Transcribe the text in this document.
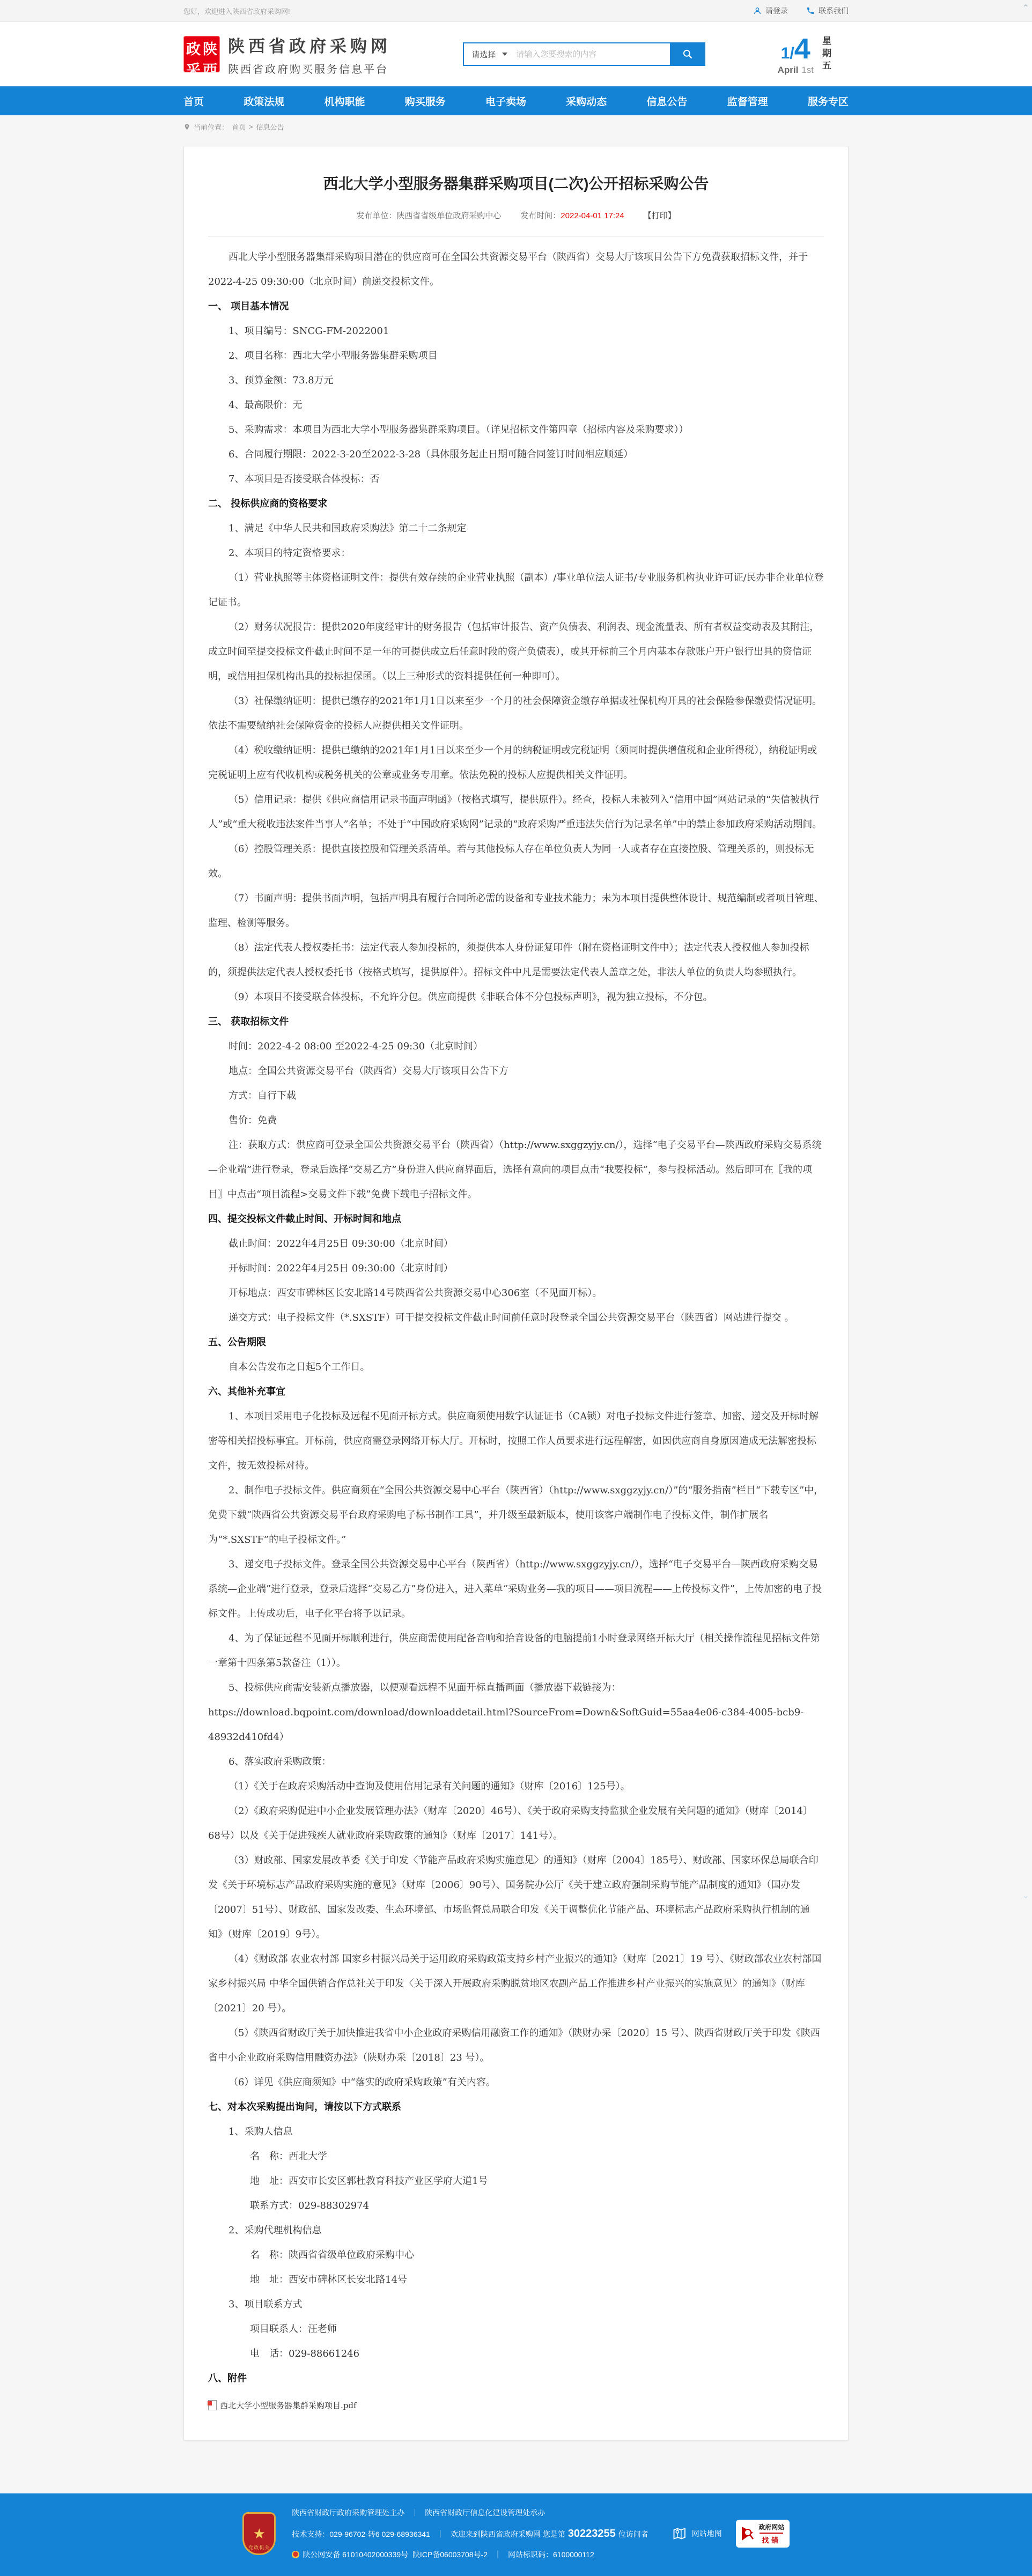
您好，欢迎进入陕西省政府采购网!	请登录	联系我们
政 陕
采 西
陕西省政府采购网
陕西省政府购买服务信息平台
请选择
请输入您要搜索的内容	1/4
April 1st 星期五
首页	政策法规	机构职能	购买服务	电子卖场	采购动态	信息公告	监督管理	服务专区
当前位置： 首页 > 信息公告
西北大学小型服务器集群采购项目(二次)公开招标采购公告
发布单位：陕西省省级单位政府采购中心 发布时间：2022-04-01 17:24 【打印】

西北大学小型服务器集群采购项目潜在的供应商可在全国公共资源交易平台（陕西省）交易大厅该项目公告下方免费获取招标文件，并于2022-4-25 09:30:00（北京时间）前递交投标文件。

一、 项目基本情况

1、项目编号：SNCG-FM-2022001

2、项目名称：西北大学小型服务器集群采购项目

3、预算金额：73.8万元

4、最高限价：无

5、采购需求：本项目为西北大学小型服务器集群采购项目。（详见招标文件第四章（招标内容及采购要求））

6、合同履行期限：2022-3-20至2022-3-28（具体服务起止日期可随合同签订时间相应顺延）

7、本项目是否接受联合体投标：否

二、 投标供应商的资格要求

1、满足《中华人民共和国政府采购法》第二十二条规定

2、本项目的特定资格要求：

（1）营业执照等主体资格证明文件：提供有效存续的企业营业执照（副本）/事业单位法人证书/专业服务机构执业许可证/民办非企业单位登记证书。

（2）财务状况报告：提供2020年度经审计的财务报告（包括审计报告、资产负债表、利润表、现金流量表、所有者权益变动表及其附注，成立时间至提交投标文件截止时间不足一年的可提供成立后任意时段的资产负债表），或其开标前三个月内基本存款账户开户银行出具的资信证明，或信用担保机构出具的投标担保函。（以上三种形式的资料提供任何一种即可）。

（3）社保缴纳证明：提供已缴存的2021年1月1日以来至少一个月的社会保障资金缴存单据或社保机构开具的社会保险参保缴费情况证明。依法不需要缴纳社会保障资金的投标人应提供相关文件证明。

（4）税收缴纳证明：提供已缴纳的2021年1月1日以来至少一个月的纳税证明或完税证明（须同时提供增值税和企业所得税），纳税证明或完税证明上应有代收机构或税务机关的公章或业务专用章。依法免税的投标人应提供相关文件证明。

（5）信用记录：提供《供应商信用记录书面声明函》（按格式填写，提供原件）。经查，投标人未被列入“信用中国”网站记录的“失信被执行人”或“重大税收违法案件当事人”名单；不处于“中国政府采购网”记录的“政府采购严重违法失信行为记录名单”中的禁止参加政府采购活动期间。

（6）控股管理关系：提供直接控股和管理关系清单。若与其他投标人存在单位负责人为同一人或者存在直接控股、管理关系的，则投标无效。

（7）书面声明：提供书面声明，包括声明具有履行合同所必需的设备和专业技术能力；未为本项目提供整体设计、规范编制或者项目管理、监理、检测等服务。

（8）法定代表人授权委托书：法定代表人参加投标的，须提供本人身份证复印件（附在资格证明文件中）；法定代表人授权他人参加投标的，须提供法定代表人授权委托书（按格式填写，提供原件）。招标文件中凡是需要法定代表人盖章之处，非法人单位的负责人均参照执行。

（9）本项目不接受联合体投标，不允许分包。供应商提供《非联合体不分包投标声明》，视为独立投标，不分包。

三、 获取招标文件

时间：2022-4-2 08:00 至2022-4-25 09:30（北京时间）

地点：全国公共资源交易平台（陕西省）交易大厅该项目公告下方

方式：自行下载

售价：免费

注：获取方式：供应商可登录全国公共资源交易平台（陕西省）（http://www.sxggzyjy.cn/），选择“电子交易平台—陕西政府采购交易系统—企业端”进行登录，登录后选择“交易乙方”身份进入供应商界面后，选择有意向的项目点击“我要投标”，参与投标活动。然后即可在〖我的项目〗中点击“项目流程>交易文件下载”免费下载电子招标文件。

四、提交投标文件截止时间、开标时间和地点

截止时间：2022年4月25日 09:30:00（北京时间）

开标时间：2022年4月25日 09:30:00（北京时间）

开标地点：西安市碑林区长安北路14号陕西省公共资源交易中心306室（不见面开标）。

递交方式：电子投标文件（*.SXSTF）可于提交投标文件截止时间前任意时段登录全国公共资源交易平台（陕西省）网站进行提交 。

五、公告期限

自本公告发布之日起5个工作日。

六、其他补充事宜

1、本项目采用电子化投标及远程不见面开标方式。供应商须使用数字认证证书（CA锁）对电子投标文件进行签章、加密、递交及开标时解密等相关招投标事宜。开标前，供应商需登录网络开标大厅。开标时，按照工作人员要求进行远程解密，如因供应商自身原因造成无法解密投标文件，按无效投标对待。

2、制作电子投标文件。供应商须在“全国公共资源交易中心平台（陕西省）（http://www.sxggzyjy.cn/）”的“服务指南”栏目“下载专区”中，免费下载“陕西省公共资源交易平台政府采购电子标书制作工具”，并升级至最新版本，使用该客户端制作电子投标文件，制作扩展名为“*.SXSTF”的电子投标文件。”

3、递交电子投标文件。登录全国公共资源交易中心平台（陕西省）（http://www.sxggzyjy.cn/），选择“电子交易平台—陕西政府采购交易系统—企业端”进行登录，登录后选择“交易乙方”身份进入，进入菜单“采购业务—我的项目——项目流程——上传投标文件”，上传加密的电子投标文件。上传成功后，电子化平台将予以记录。

4、为了保证远程不见面开标顺利进行，供应商需使用配备音响和拾音设备的电脑提前1小时登录网络开标大厅（相关操作流程见招标文件第一章第十四条第5款备注（1））。

5、投标供应商需安装新点播放器，以便观看远程不见面开标直播画面（播放器下载链接为：https://download.bqpoint.com/download/downloaddetail.html?SourceFrom=Down&SoftGuid=55aa4e06-c384-4005-bcb9-48932d410fd4）

6、落实政府采购政策：

（1）《关于在政府采购活动中查询及使用信用记录有关问题的通知》（财库〔2016〕125号）。

（2）《政府采购促进中小企业发展管理办法》（财库〔2020〕46号）、《关于政府采购支持监狱企业发展有关问题的通知》（财库〔2014〕68号）以及《关于促进残疾人就业政府采购政策的通知》（财库〔2017〕141号）。

（3）财政部、国家发展改革委《关于印发〈节能产品政府采购实施意见〉的通知》（财库〔2004〕185号）、财政部、国家环保总局联合印发《关于环境标志产品政府采购实施的意见》（财库〔2006〕90号）、国务院办公厅《关于建立政府强制采购节能产品制度的通知》（国办发〔2007〕51号）、财政部、国家发改委、生态环境部、市场监督总局联合印发《关于调整优化节能产品、环境标志产品政府采购执行机制的通知》（财库〔2019〕9号）。

（4）《财政部 农业农村部 国家乡村振兴局关于运用政府采购政策支持乡村产业振兴的通知》（财库〔2021〕19 号）、《财政部农业农村部国家乡村振兴局 中华全国供销合作总社关于印发〈关于深入开展政府采购脱贫地区农副产品工作推进乡村产业振兴的实施意见〉的通知》（财库〔2021〕20 号）。

（5）《陕西省财政厅关于加快推进我省中小企业政府采购信用融资工作的通知》（陕财办采〔2020〕15 号）、陕西省财政厅关于印发《陕西省中小企业政府采购信用融资办法》（陕财办采〔2018〕23 号）。

（6）详见《供应商须知》中“落实的政府采购政策”有关内容。

七、对本次采购提出询问，请按以下方式联系

1、采购人信息

名　称：西北大学

地　址：西安市长安区郭杜教育科技产业区学府大道1号

联系方式：029-88302974

2、采购代理机构信息

名　称：陕西省省级单位政府采购中心

地　址：西安市碑林区长安北路14号

3、项目联系方式

项目联系人：汪老师

电　话：029-88661246

八、附件

西北大学小型服务器集群采购项目.pdf
★
党政机关
陕西省财政厅政府采购管理处主办 ｜ 陕西省财政厅信息化建设管理处承办
技术支持：029-96702-转6 029-68936341 ｜ 欢迎来到陕西省政府采购网 您是第 30223255 位访问者
陕公网安备 61010402000339号 陕ICP备06003708号-2 ｜ 网站标识码：6100000112
网站地图
政府网站
找错
⌃
⌄
